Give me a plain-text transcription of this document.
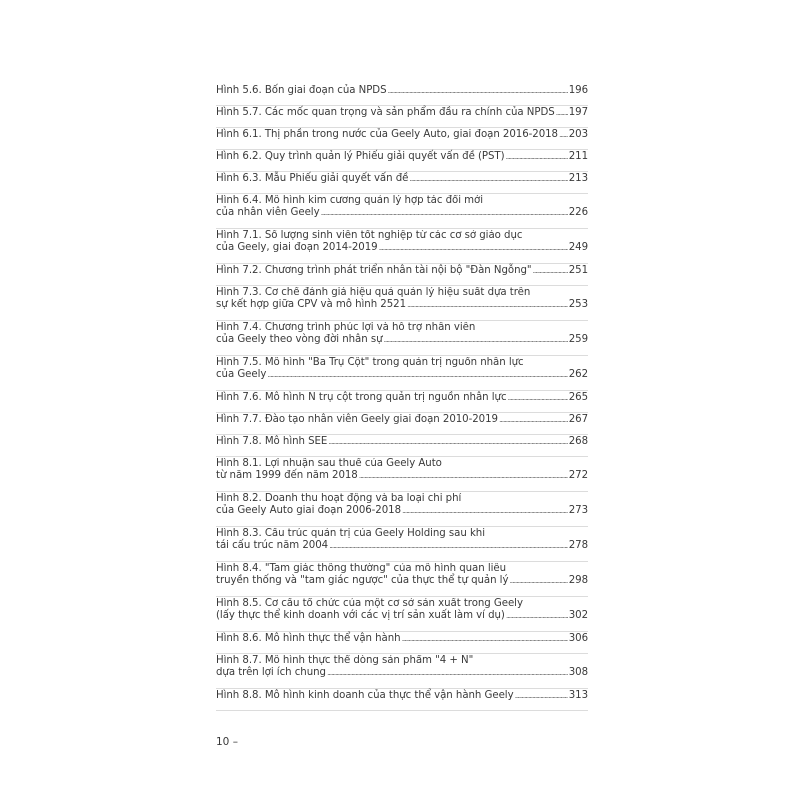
Hình 5.6. Bốn giai đoạn của NPDS .....	196
Hình 5.7. Các mốc quan trọng và sản phẩm đầu ra chính của NPDS ..... 197
Hình 6.1. Thị phần trong nước của Geely Auto, giai đoạn 2016-2018 ..... 203
Hình 6.2. Quy trình quản lý Phiếu giải quyết vấn đề (PST) .....	211
Hình 6.3. Mẫu Phiếu giải quyết vấn đề .....	213
Hình 6.4. Mô hình kim cương quản lý hợp tác đổi mới
của nhân viên Geely .....	226
Hình 7.1. Số lượng sinh viên tốt nghiệp từ các cơ sở giáo dục
của Geely, giai đoạn 2014-2019 .....	249
Hình 7.2. Chương trình phát triển nhân tài nội bộ "Đàn Ngỗng" .....	251
Hình 7.3. Cơ chế đánh giá hiệu quả quản lý hiệu suất dựa trên
sự kết hợp giữa CPV và mô hình 2521 .....	253
Hình 7.4. Chương trình phúc lợi và hỗ trợ nhân viên
của Geely theo vòng đời nhân sự .....	259
Hình 7.5. Mô hình "Ba Trụ Cột" trong quản trị nguồn nhân lực
của Geely .....	262
Hình 7.6. Mô hình N trụ cột trong quản trị nguồn nhân lực .....	265
Hình 7.7. Đào tạo nhân viên Geely giai đoạn 2010-2019 .....	267
Hình 7.8. Mô hình SEE .....	268
Hình 8.1. Lợi nhuận sau thuế của Geely Auto
từ năm 1999 đến năm 2018 .....	272
Hình 8.2. Doanh thu hoạt động và ba loại chi phí
của Geely Auto giai đoạn 2006-2018 .....	273
Hình 8.3. Cấu trúc quản trị của Geely Holding sau khi
tái cấu trúc năm 2004 .....	278
Hình 8.4. "Tam giác thông thường" của mô hình quan liêu
truyền thống và "tam giác ngược" của thực thể tự quản lý .....	298
Hình 8.5. Cơ cấu tổ chức của một cơ sở sản xuất trong Geely
(lấy thực thể kinh doanh với các vị trí sản xuất làm ví dụ) .....	302
Hình 8.6. Mô hình thực thể vận hành .....	306
Hình 8.7. Mô hình thực thể dòng sản phẩm "4 + N"
dựa trên lợi ích chung .....	308
Hình 8.8. Mô hình kinh doanh của thực thể vận hành Geely .....	313
10 –
